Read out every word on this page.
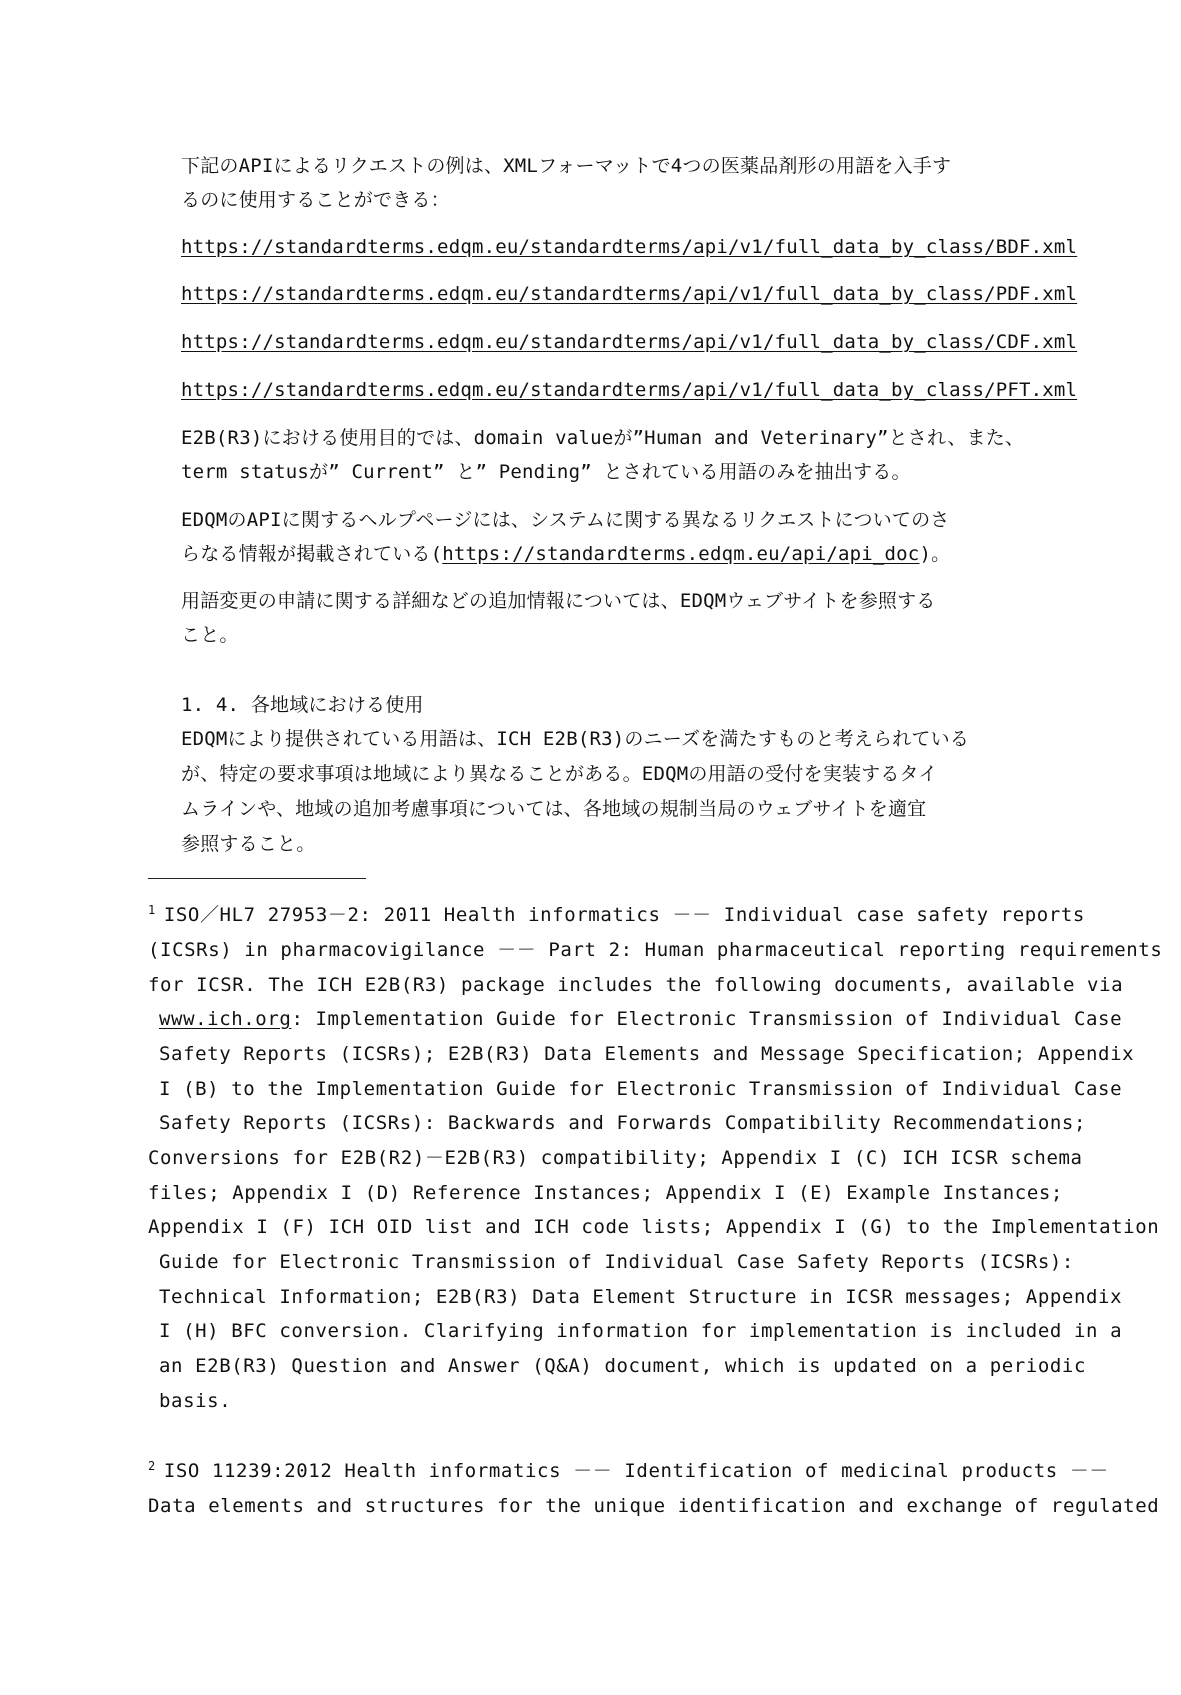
下記のAPIによるリクエストの例は、XMLフォーマットで4つの医薬品剤形の用語を入手す
るのに使用することができる：
https://standardterms.edqm.eu/standardterms/api/v1/full_data_by_class/BDF.xml
https://standardterms.edqm.eu/standardterms/api/v1/full_data_by_class/PDF.xml
https://standardterms.edqm.eu/standardterms/api/v1/full_data_by_class/CDF.xml
https://standardterms.edqm.eu/standardterms/api/v1/full_data_by_class/PFT.xml
E2B(R3)における使用目的では、domain valueが”Human and Veterinary”とされ、また、
term statusが” Current” と” Pending” とされている用語のみを抽出する。
EDQMのAPIに関するヘルプページには、システムに関する異なるリクエストについてのさ
らなる情報が掲載されている(https://standardterms.edqm.eu/api/api_doc)。
用語変更の申請に関する詳細などの追加情報については、EDQMウェブサイトを参照する
こと。
1. 4. 各地域における使用
EDQMにより提供されている用語は、ICH E2B(R3)のニーズを満たすものと考えられている
が、特定の要求事項は地域により異なることがある。EDQMの用語の受付を実装するタイ
ムラインや、地域の追加考慮事項については、各地域の規制当局のウェブサイトを適宜
参照すること。
$^1$ ISO／HL7 27953－2: 2011 Health informatics －－ Individual case safety reports
(ICSRs) in pharmacovigilance －－ Part 2: Human pharmaceutical reporting requirements
for ICSR. The ICH E2B(R3) package includes the following documents, available via
www.ich.org: Implementation Guide for Electronic Transmission of Individual Case
Safety Reports (ICSRs); E2B(R3) Data Elements and Message Specification; Appendix
I (B) to the Implementation Guide for Electronic Transmission of Individual Case
Safety Reports (ICSRs): Backwards and Forwards Compatibility Recommendations;
Conversions for E2B(R2)－E2B(R3) compatibility; Appendix I (C) ICH ICSR schema
files; Appendix I (D) Reference Instances; Appendix I (E) Example Instances;
Appendix I (F) ICH OID list and ICH code lists; Appendix I (G) to the Implementation
Guide for Electronic Transmission of Individual Case Safety Reports (ICSRs):
Technical Information; E2B(R3) Data Element Structure in ICSR messages; Appendix
I (H) BFC conversion. Clarifying information for implementation is included in a
an E2B(R3) Question and Answer (Q&A) document, which is updated on a periodic
basis.
$^2$ ISO 11239:2012 Health informatics －－ Identification of medicinal products －－
Data elements and structures for the unique identification and exchange of regulated
